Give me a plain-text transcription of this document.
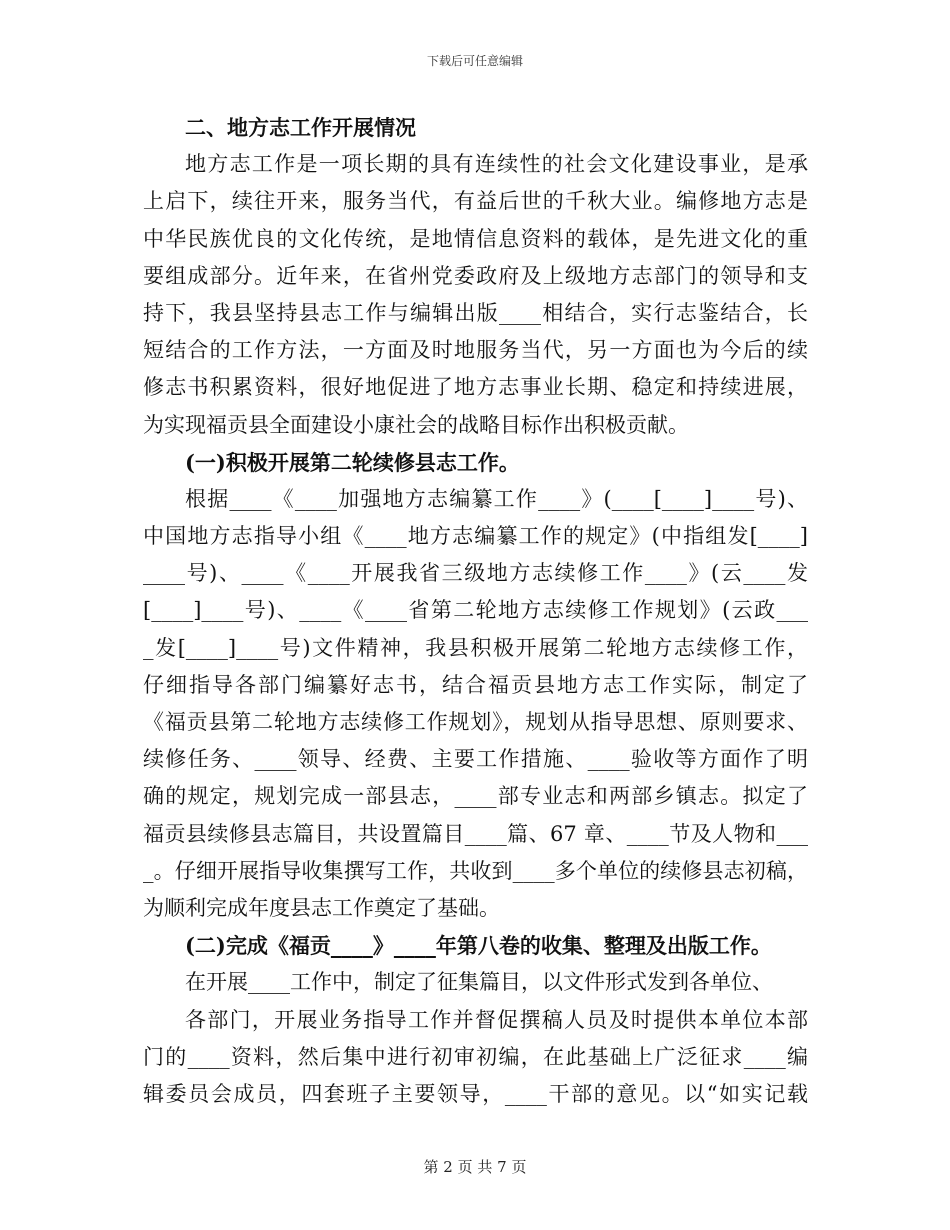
下载后可任意编辑
二、地方志工作开展情况
地方志工作是一项长期的具有连续性的社会文化建设事业，是承
上启下，续往开来，服务当代，有益后世的千秋大业。编修地方志是
中华民族优良的文化传统，是地情信息资料的载体，是先进文化的重
要组成部分。近年来，在省州党委政府及上级地方志部门的领导和支
持下，我县坚持县志工作与编辑出版____相结合，实行志鉴结合，长
短结合的工作方法，一方面及时地服务当代，另一方面也为今后的续
修志书积累资料，很好地促进了地方志事业长期、稳定和持续进展，
为实现福贡县全面建设小康社会的战略目标作出积极贡献。
(一)积极开展第二轮续修县志工作。
根据____《____加强地方志编纂工作____》(____[____]____号)、
中国地方志指导小组《____地方志编纂工作的规定》(中指组发[____]
____号)、____《____开展我省三级地方志续修工作____》(云____发
[____]____号)、____《____省第二轮地方志续修工作规划》(云政___
_发[____]____号)文件精神，我县积极开展第二轮地方志续修工作，
仔细指导各部门编纂好志书，结合福贡县地方志工作实际，制定了
《福贡县第二轮地方志续修工作规划》，规划从指导思想、原则要求、
续修任务、____领导、经费、主要工作措施、____验收等方面作了明
确的规定，规划完成一部县志，____部专业志和两部乡镇志。拟定了
福贡县续修县志篇目，共设置篇目____篇、67 章、____节及人物和___
_。仔细开展指导收集撰写工作，共收到____多个单位的续修县志初稿，
为顺利完成年度县志工作奠定了基础。
(二)完成《福贡____》____年第八卷的收集、整理及出版工作。
在开展____工作中，制定了征集篇目，以文件形式发到各单位、
各部门，开展业务指导工作并督促撰稿人员及时提供本单位本部
门的____资料，然后集中进行初审初编，在此基础上广泛征求____编
辑委员会成员，四套班子主要领导，____干部的意见。以“如实记载
第 2 页 共 7 页
